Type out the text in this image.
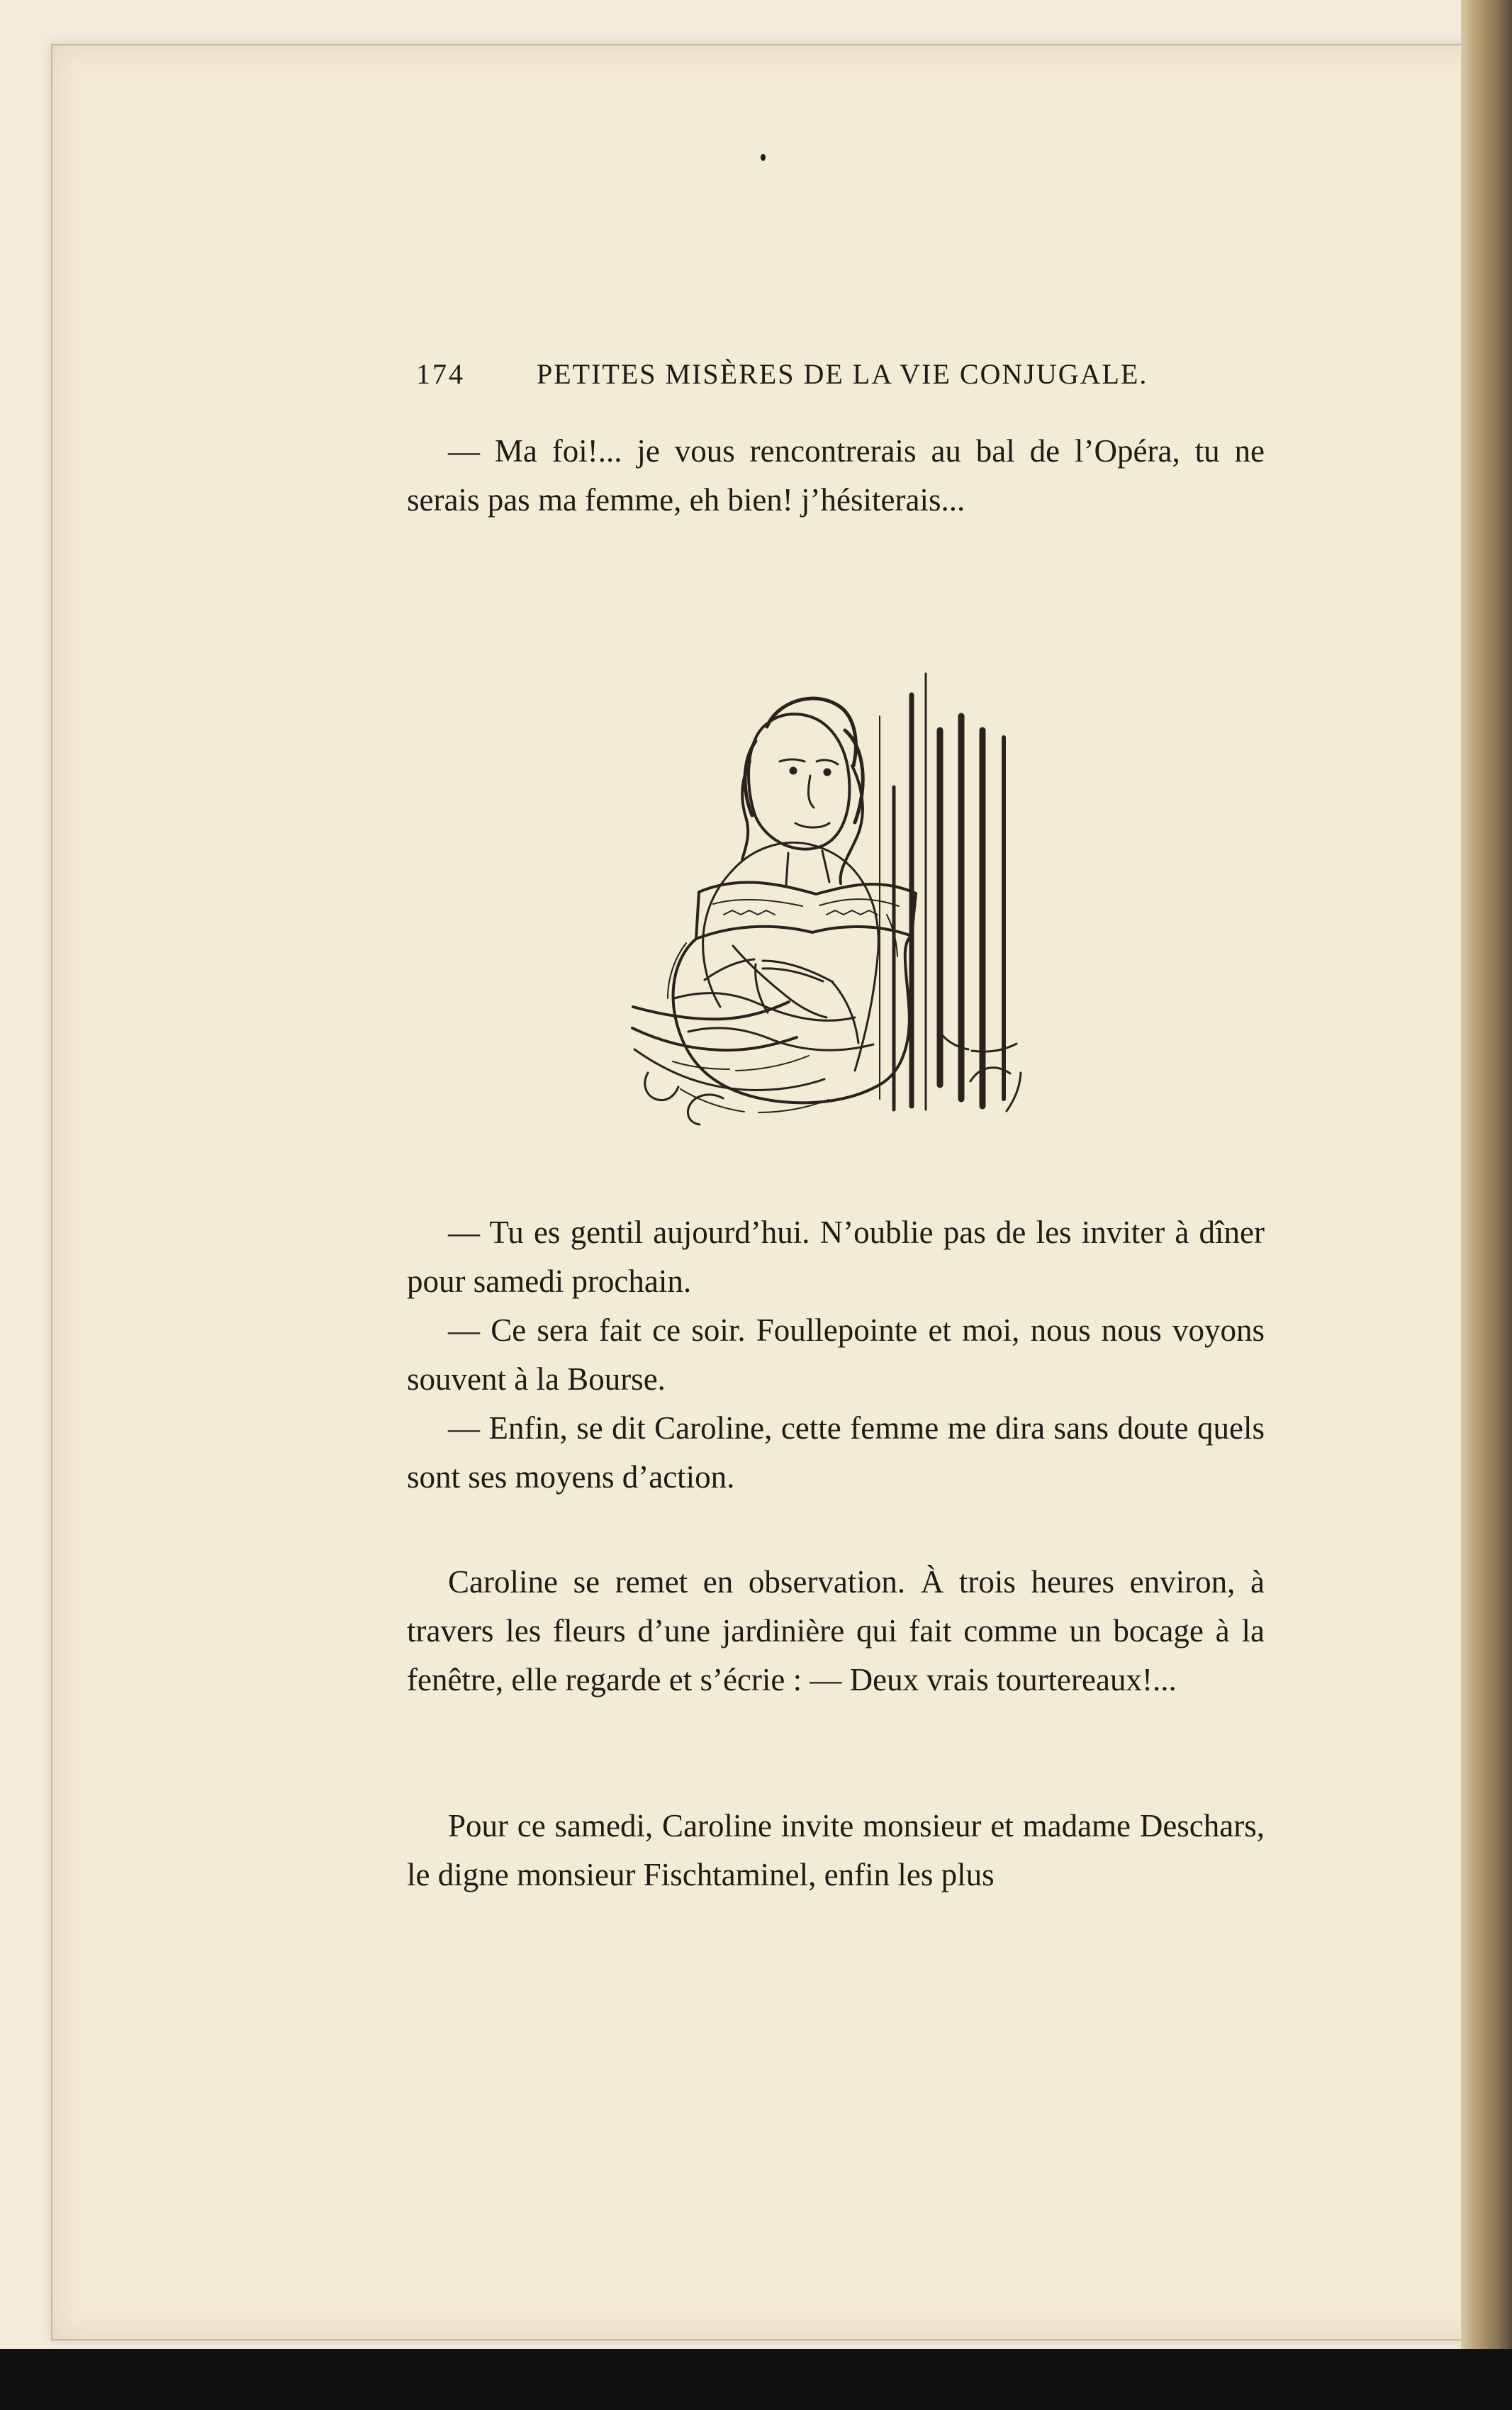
174	PETITES MISÈRES DE LA VIE CONJUGALE.

— Ma foi!... je vous rencontrerais au bal de l’Opéra, tu ne serais pas ma femme, eh bien! j’hésiterais...

— Tu es gentil aujourd’hui. N’oublie pas de les inviter à dîner pour samedi prochain.

— Ce sera fait ce soir. Foullepointe et moi, nous nous voyons souvent à la Bourse.

— Enfin, se dit Caroline, cette femme me dira sans doute quels sont ses moyens d’action.

Caroline se remet en observation. À trois heures environ, à travers les fleurs d’une jardinière qui fait comme un bocage à la fenêtre, elle regarde et s’écrie : — Deux vrais tourtereaux!...

Pour ce samedi, Caroline invite monsieur et madame Deschars, le digne monsieur Fischtaminel, enfin les plus
